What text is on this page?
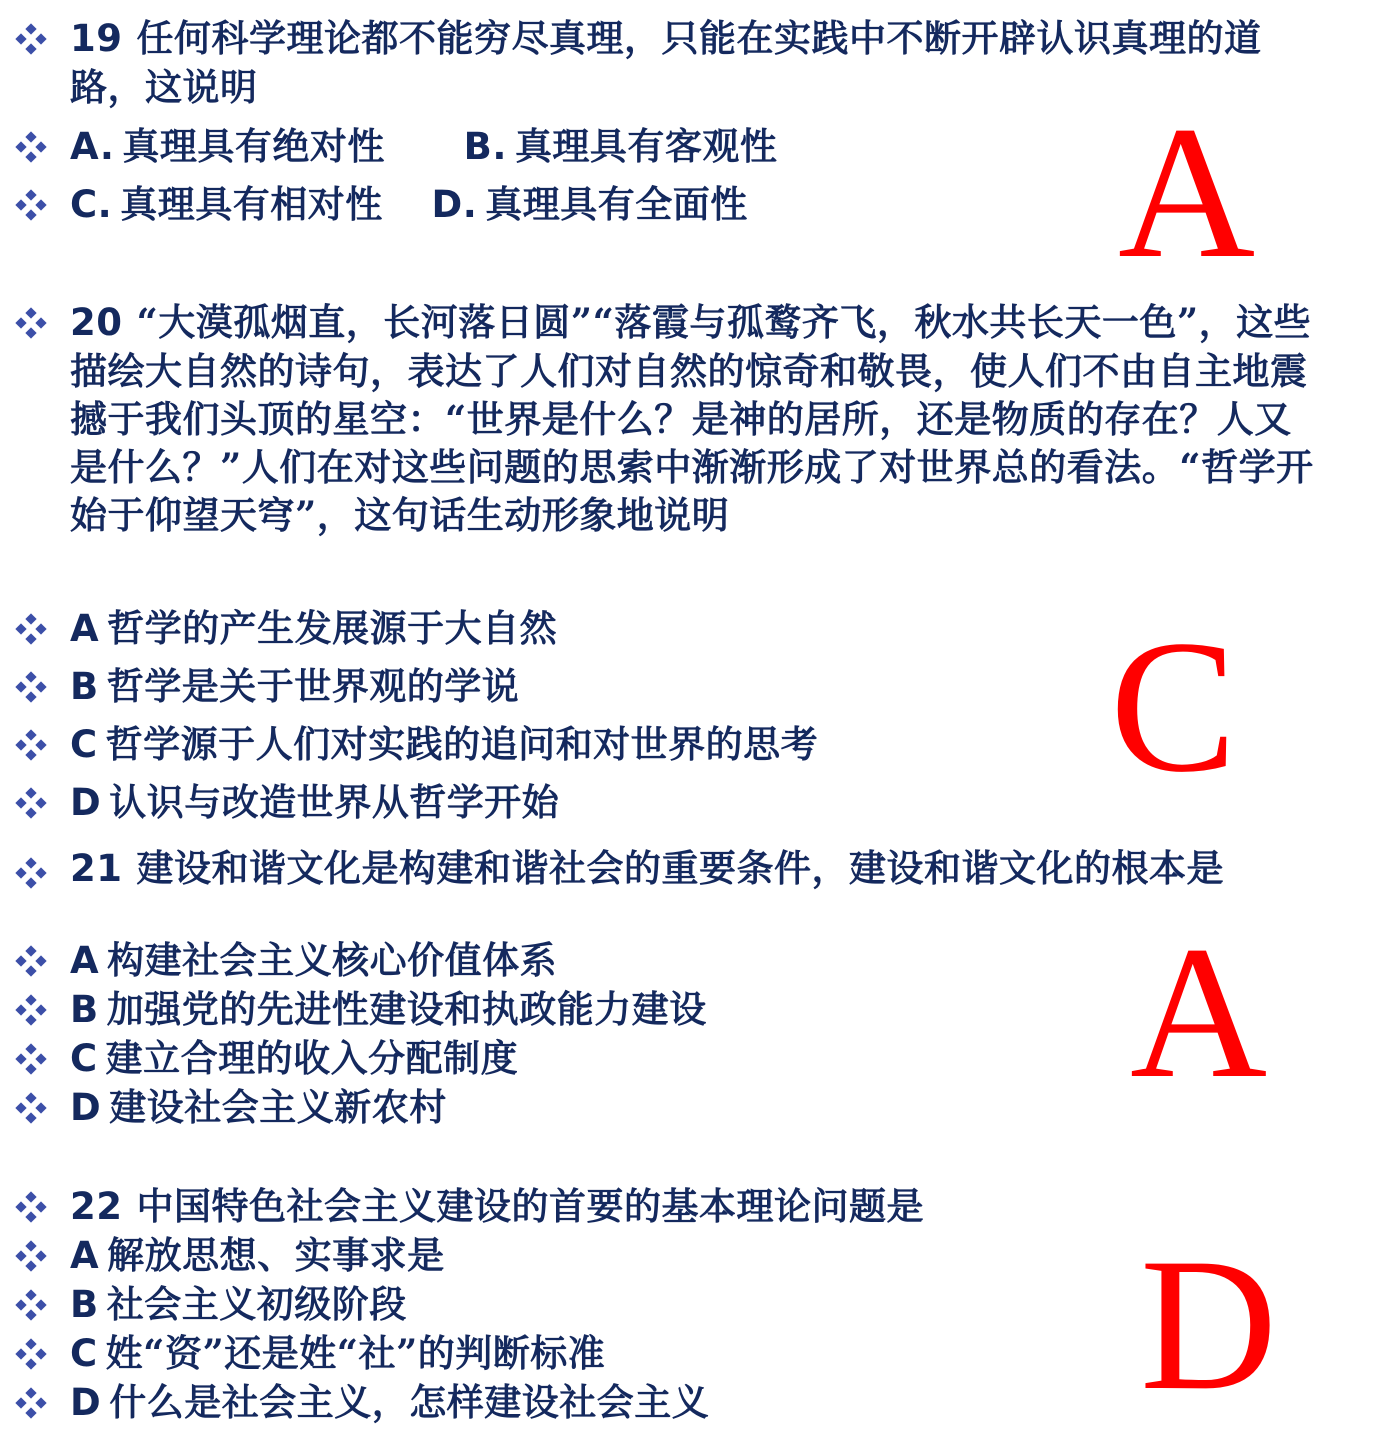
19 任何科学理论都不能穷尽真理，只能在实践中不断开辟认识真理的道路，这说明
A. 真理具有绝对性 B. 真理具有客观性
C. 真理具有相对性 D. 真理具有全面性	A
20 “大漠孤烟直，长河落日圆”“落霞与孤鹜齐飞，秋水共长天一色”，这些描绘大自然的诗句，表达了人们对自然的惊奇和敬畏，使人们不由自主地震撼于我们头顶的星空：“世界是什么？是神的居所，还是物质的存在？人又是什么？”人们在对这些问题的思索中渐渐形成了对世界总的看法。“哲学开始于仰望天穹”，这句话生动形象地说明
A 哲学的产生发展源于大自然
B 哲学是关于世界观的学说
C 哲学源于人们对实践的追问和对世界的思考
D 认识与改造世界从哲学开始	C
21 建设和谐文化是构建和谐社会的重要条件，建设和谐文化的根本是
A 构建社会主义核心价值体系
B 加强党的先进性建设和执政能力建设
C 建立合理的收入分配制度
D 建设社会主义新农村	A
22 中国特色社会主义建设的首要的基本理论问题是
A 解放思想、实事求是
B 社会主义初级阶段
C 姓“资”还是姓“社”的判断标准
D 什么是社会主义，怎样建设社会主义	D
